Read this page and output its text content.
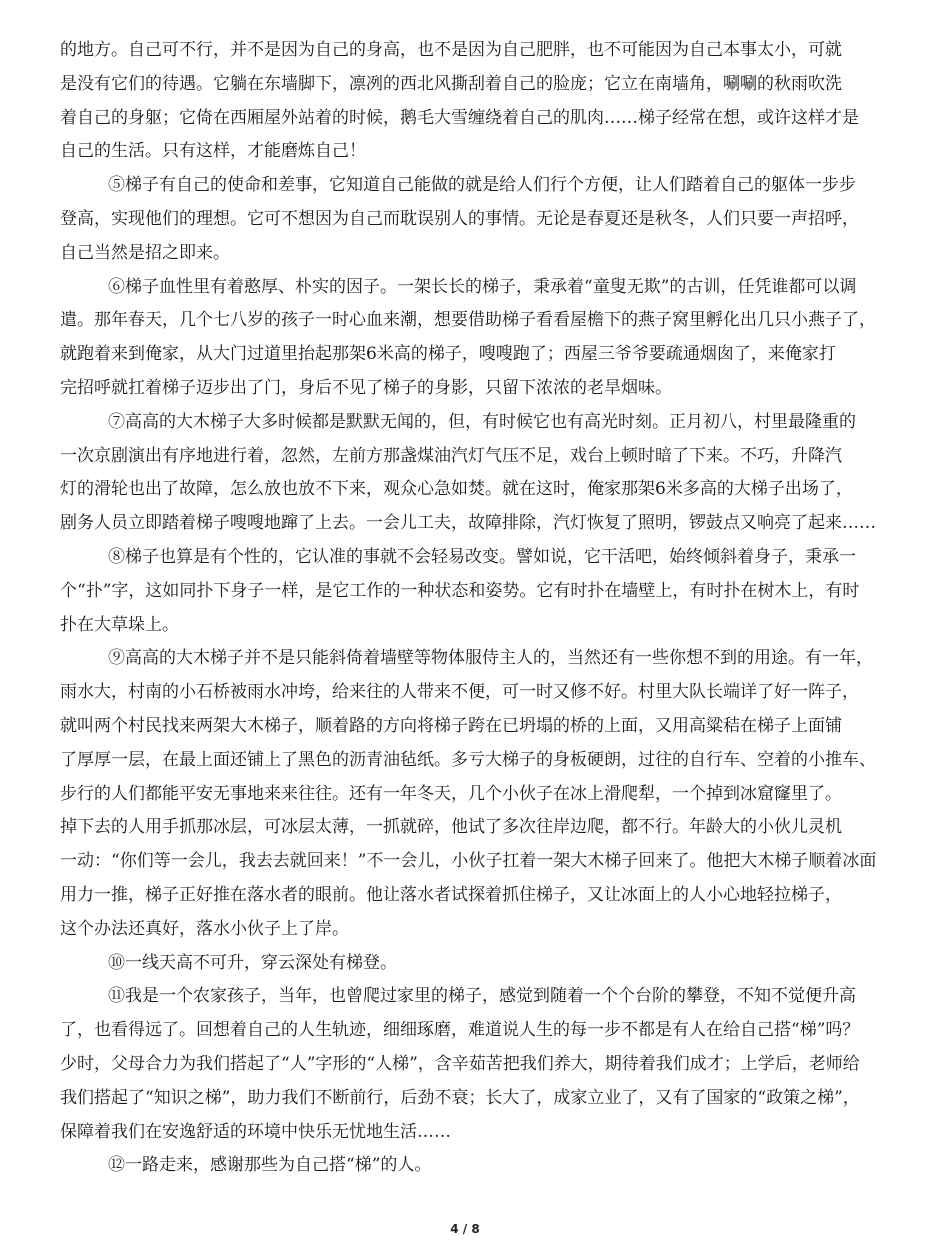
的地方。自己可不行，并不是因为自己的身高，也不是因为自己肥胖，也不可能因为自己本事太小，可就
是没有它们的待遇。它躺在东墙脚下，凛冽的西北风撕刮着自己的脸庞；它立在南墙角，唰唰的秋雨吹洗
着自己的身躯；它倚在西厢屋外站着的时候，鹅毛大雪缠绕着自己的肌肉……梯子经常在想，或许这样才是
自己的生活。只有这样，才能磨炼自己！
⑤梯子有自己的使命和差事，它知道自己能做的就是给人们行个方便，让人们踏着自己的躯体一步步
登高，实现他们的理想。它可不想因为自己而耽误别人的事情。无论是春夏还是秋冬，人们只要一声招呼，
自己当然是招之即来。
⑥梯子血性里有着憨厚、朴实的因子。一架长长的梯子，秉承着“童叟无欺”的古训，任凭谁都可以调
遣。那年春天，几个七八岁的孩子一时心血来潮，想要借助梯子看看屋檐下的燕子窝里孵化出几只小燕子了，
就跑着来到俺家，从大门过道里抬起那架6米高的梯子，嗖嗖跑了；西屋三爷爷要疏通烟囱了，来俺家打
完招呼就扛着梯子迈步出了门，身后不见了梯子的身影，只留下浓浓的老旱烟味。
⑦高高的大木梯子大多时候都是默默无闻的，但，有时候它也有高光时刻。正月初八，村里最隆重的
一次京剧演出有序地进行着，忽然，左前方那盏煤油汽灯气压不足，戏台上顿时暗了下来。不巧，升降汽
灯的滑轮也出了故障，怎么放也放不下来，观众心急如焚。就在这时，俺家那架6米多高的大梯子出场了，
剧务人员立即踏着梯子嗖嗖地蹿了上去。一会儿工夫，故障排除，汽灯恢复了照明，锣鼓点又响亮了起来……
⑧梯子也算是有个性的，它认准的事就不会轻易改变。譬如说，它干活吧，始终倾斜着身子，秉承一
个“扑”字，这如同扑下身子一样，是它工作的一种状态和姿势。它有时扑在墙壁上，有时扑在树木上，有时
扑在大草垛上。
⑨高高的大木梯子并不是只能斜倚着墙壁等物体服侍主人的，当然还有一些你想不到的用途。有一年，
雨水大，村南的小石桥被雨水冲垮，给来往的人带来不便，可一时又修不好。村里大队长端详了好一阵子，
就叫两个村民找来两架大木梯子，顺着路的方向将梯子跨在已坍塌的桥的上面，又用高粱秸在梯子上面铺
了厚厚一层，在最上面还铺上了黑色的沥青油毡纸。多亏大梯子的身板硬朗，过往的自行车、空着的小推车、
步行的人们都能平安无事地来来往往。还有一年冬天，几个小伙子在冰上滑爬犁，一个掉到冰窟窿里了。
掉下去的人用手抓那冰层，可冰层太薄，一抓就碎，他试了多次往岸边爬，都不行。年龄大的小伙儿灵机
一动：“你们等一会儿，我去去就回来！”不一会儿，小伙子扛着一架大木梯子回来了。他把大木梯子顺着冰面
用力一推，梯子正好推在落水者的眼前。他让落水者试探着抓住梯子，又让冰面上的人小心地轻拉梯子，
这个办法还真好，落水小伙子上了岸。
⑩一线天高不可升，穿云深处有梯登。
⑪我是一个农家孩子，当年，也曾爬过家里的梯子，感觉到随着一个个台阶的攀登，不知不觉便升高
了，也看得远了。回想着自己的人生轨迹，细细琢磨，难道说人生的每一步不都是有人在给自己搭“梯”吗？
少时，父母合力为我们搭起了“人”字形的“人梯”，含辛茹苦把我们养大，期待着我们成才；上学后，老师给
我们搭起了“知识之梯”，助力我们不断前行，后劲不衰；长大了，成家立业了，又有了国家的“政策之梯”，
保障着我们在安逸舒适的环境中快乐无忧地生活……
⑫一路走来，感谢那些为自己搭“梯”的人。
4 / 8
